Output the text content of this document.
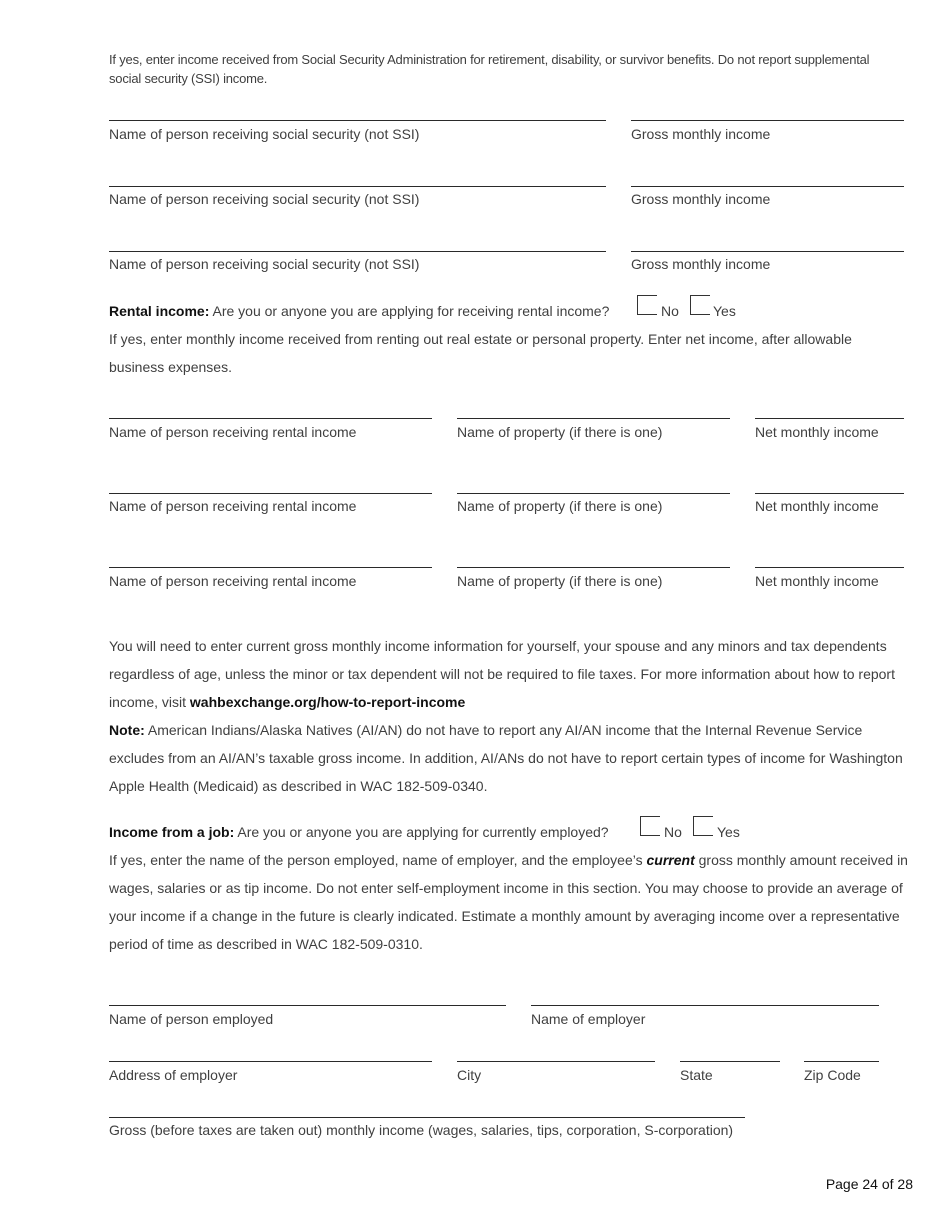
If yes, enter income received from Social Security Administration for retirement, disability, or survivor benefits. Do not report supplemental social security (SSI) income.
Name of person receiving social security (not SSI)	Gross monthly income
Name of person receiving social security (not SSI)	Gross monthly income
Name of person receiving social security (not SSI)	Gross monthly income
Rental income: Are you or anyone you are applying for receiving rental income?	No Yes
If yes, enter monthly income received from renting out real estate or personal property. Enter net income, after allowable business expenses.
Name of person receiving rental income	Name of property (if there is one)	Net monthly income
Name of person receiving rental income	Name of property (if there is one)	Net monthly income
Name of person receiving rental income	Name of property (if there is one)	Net monthly income
You will need to enter current gross monthly income information for yourself, your spouse and any minors and tax dependents regardless of age, unless the minor or tax dependent will not be required to file taxes. For more information about how to report income, visit wahbexchange.org/how-to-report-income
Note: American Indians/Alaska Natives (AI/AN) do not have to report any AI/AN income that the Internal Revenue Service excludes from an AI/AN’s taxable gross income. In addition, AI/ANs do not have to report certain types of income for Washington Apple Health (Medicaid) as described in WAC 182-509-0340.
Income from a job: Are you or anyone you are applying for currently employed?	No	Yes
If yes, enter the name of the person employed, name of employer, and the employee’s current gross monthly amount received in wages, salaries or as tip income. Do not enter self-employment income in this section. You may choose to provide an average of your income if a change in the future is clearly indicated. Estimate a monthly amount by averaging income over a representative period of time as described in WAC 182-509-0310.
Name of person employed	Name of employer
Address of employer	City	State	Zip Code
Gross (before taxes are taken out) monthly income (wages, salaries, tips, corporation, S-corporation)
Page 24 of 28
